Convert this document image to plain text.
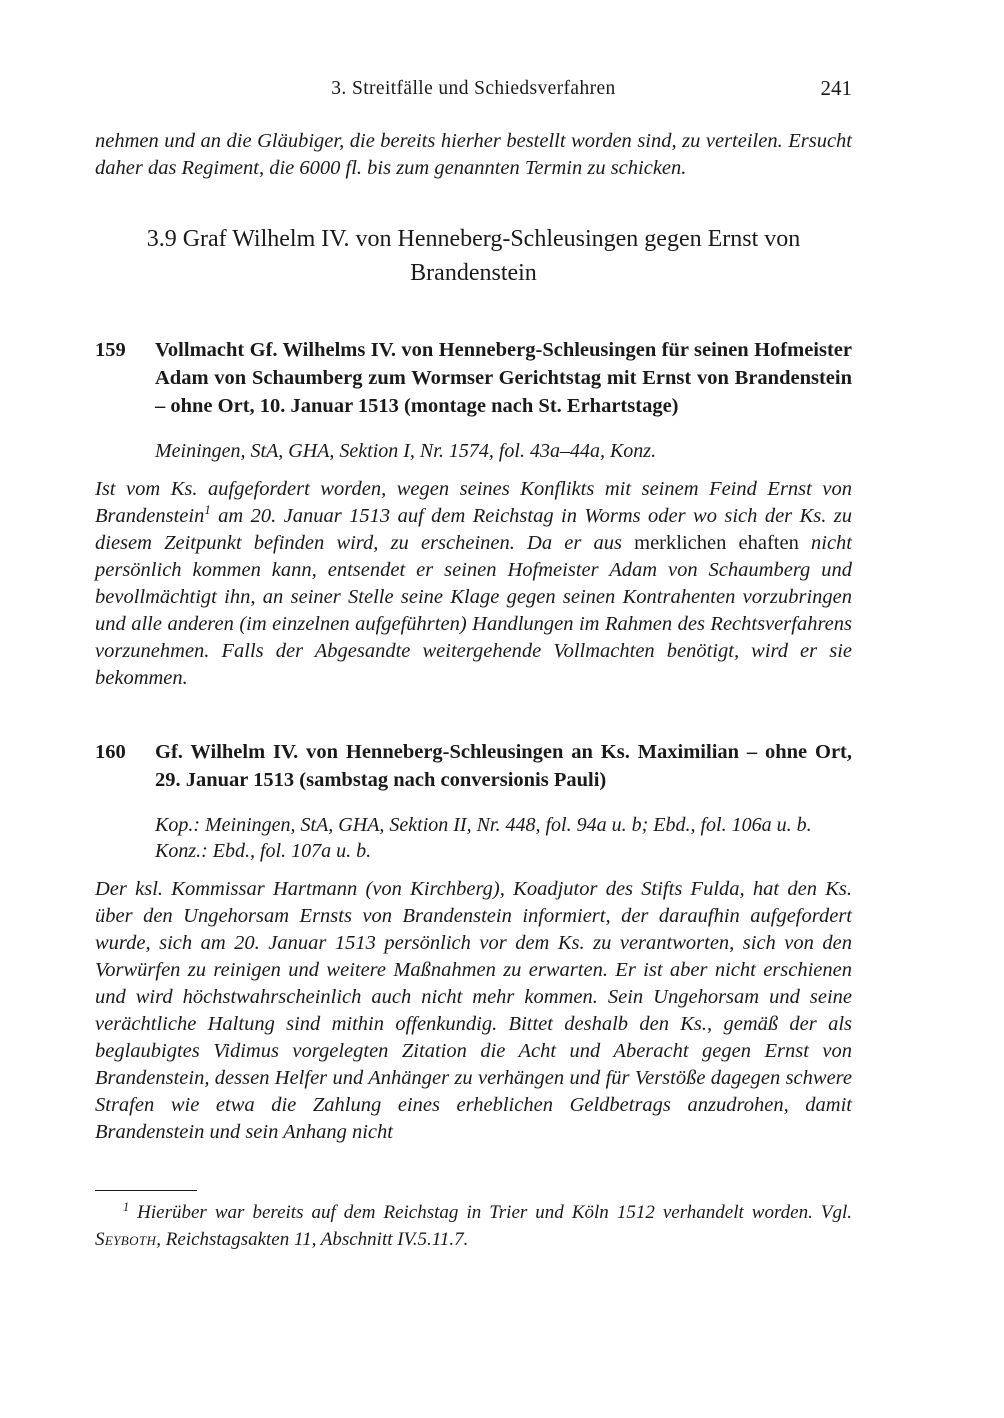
3. Streitfälle und Schiedsverfahren	241

nehmen und an die Gläubiger, die bereits hierher bestellt worden sind, zu verteilen. Ersucht daher das Regiment, die 6000 fl. bis zum genannten Termin zu schicken.

3.9 Graf Wilhelm IV. von Henneberg-Schleusingen gegen Ernst von Brandenstein
159	Vollmacht Gf. Wilhelms IV. von Henneberg-Schleusingen für seinen Hofmeister Adam von Schaumberg zum Wormser Gerichtstag mit Ernst von Brandenstein – ohne Ort, 10. Januar 1513 (montage nach St. Erhartstage)

Meiningen, StA, GHA, Sektion I, Nr. 1574, fol. 43a–44a, Konz.

Ist vom Ks. aufgefordert worden, wegen seines Konflikts mit seinem Feind Ernst von Brandenstein$^1$ am 20. Januar 1513 auf dem Reichstag in Worms oder wo sich der Ks. zu diesem Zeitpunkt befinden wird, zu erscheinen. Da er aus merklichen ehaften nicht persönlich kommen kann, entsendet er seinen Hofmeister Adam von Schaumberg und bevollmächtigt ihn, an seiner Stelle seine Klage gegen seinen Kontrahenten vorzubringen und alle anderen (im einzelnen aufgeführten) Handlungen im Rahmen des Rechtsverfahrens vorzunehmen. Falls der Abgesandte weitergehende Vollmachten benötigt, wird er sie bekommen.

160	Gf. Wilhelm IV. von Henneberg-Schleusingen an Ks. Maximilian – ohne Ort, 29. Januar 1513 (sambstag nach conversionis Pauli)

Kop.: Meiningen, StA, GHA, Sektion II, Nr. 448, fol. 94a u. b; Ebd., fol. 106a u. b.
Konz.: Ebd., fol. 107a u. b.

Der ksl. Kommissar Hartmann (von Kirchberg), Koadjutor des Stifts Fulda, hat den Ks. über den Ungehorsam Ernsts von Brandenstein informiert, der daraufhin aufgefordert wurde, sich am 20. Januar 1513 persönlich vor dem Ks. zu verantworten, sich von den Vorwürfen zu reinigen und weitere Maßnahmen zu erwarten. Er ist aber nicht erschienen und wird höchstwahrscheinlich auch nicht mehr kommen. Sein Ungehorsam und seine verächtliche Haltung sind mithin offenkundig. Bittet deshalb den Ks., gemäß der als beglaubigtes Vidimus vorgelegten Zitation die Acht und Aberacht gegen Ernst von Brandenstein, dessen Helfer und Anhänger zu verhängen und für Verstöße dagegen schwere Strafen wie etwa die Zahlung eines erheblichen Geldbetrags anzudrohen, damit Brandenstein und sein Anhang nicht

$^1$ Hierüber war bereits auf dem Reichstag in Trier und Köln 1512 verhandelt worden. Vgl. Seyboth, Reichstagsakten 11, Abschnitt IV.5.11.7.
